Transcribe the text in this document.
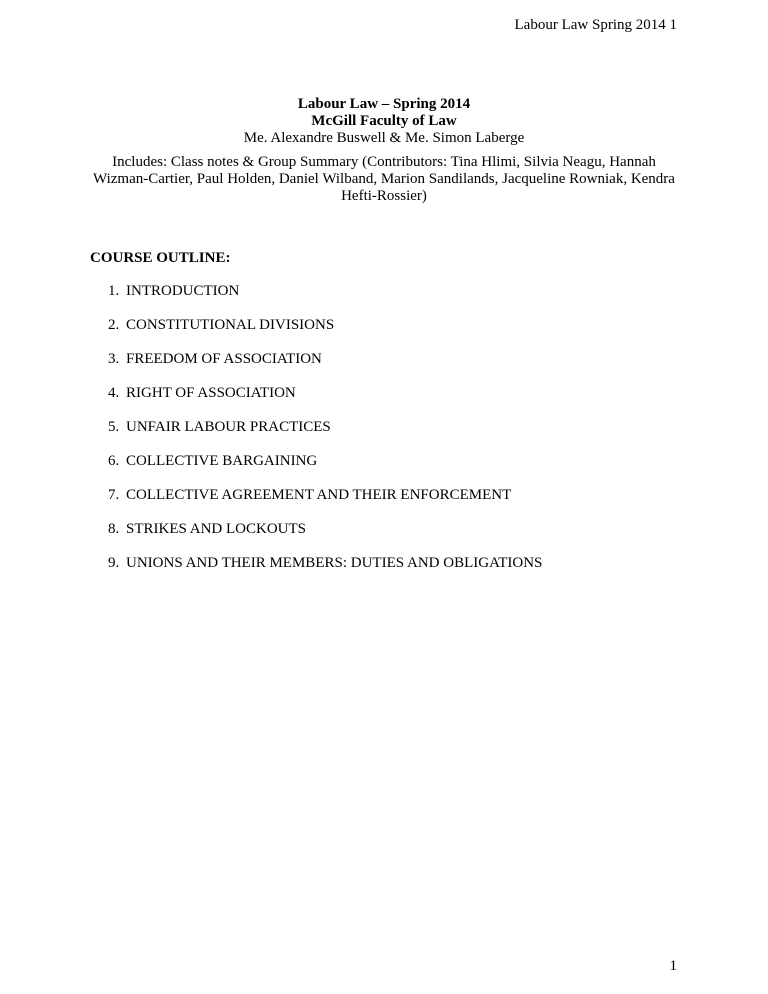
Labour Law Spring 2014 1
Labour Law – Spring 2014
McGill Faculty of Law
Me. Alexandre Buswell & Me. Simon Laberge
Includes: Class notes & Group Summary (Contributors: Tina Hlimi, Silvia Neagu, Hannah
Wizman-Cartier, Paul Holden, Daniel Wilband, Marion Sandilands, Jacqueline Rowniak, Kendra
Hefti-Rossier)
COURSE OUTLINE:
1. INTRODUCTION
2. CONSTITUTIONAL DIVISIONS
3. FREEDOM OF ASSOCIATION
4. RIGHT OF ASSOCIATION
5. UNFAIR LABOUR PRACTICES
6. COLLECTIVE BARGAINING
7. COLLECTIVE AGREEMENT AND THEIR ENFORCEMENT
8. STRIKES AND LOCKOUTS
9. UNIONS AND THEIR MEMBERS: DUTIES AND OBLIGATIONS
1
